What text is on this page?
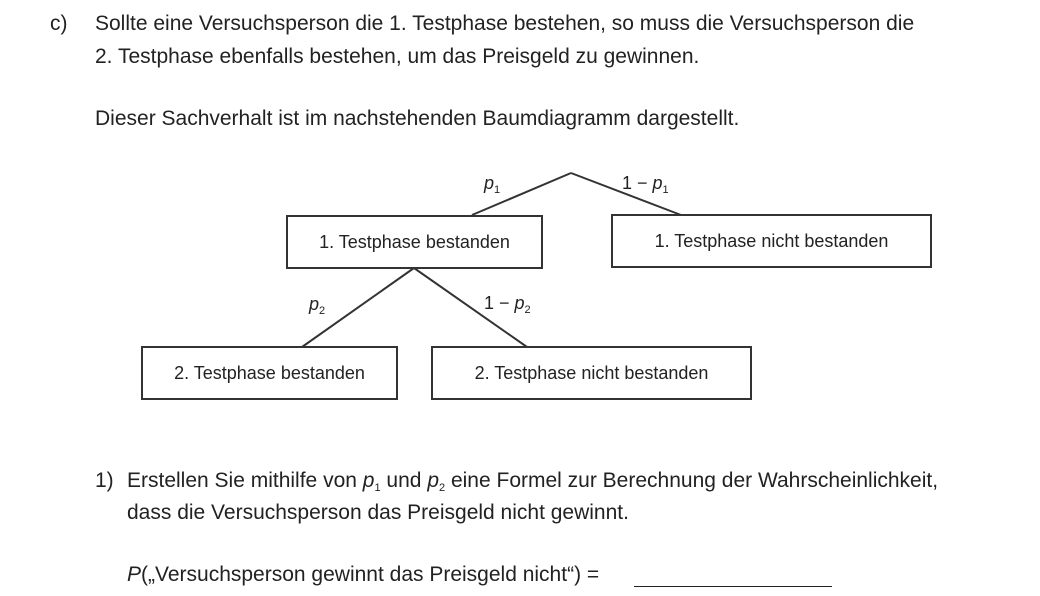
c) Sollte eine Versuchsperson die 1. Testphase bestehen, so muss die Versuchsperson die
2. Testphase ebenfalls bestehen, um das Preisgeld zu gewinnen.
Dieser Sachverhalt ist im nachstehenden Baumdiagramm dargestellt.
$p_1$	$1 - p_1$
$p_2$	$1 - p_2$
1. Testphase bestanden	1. Testphase nicht bestanden
2. Testphase bestanden	2. Testphase nicht bestanden
1) Erstellen Sie mithilfe von $p_1$ und $p_2$ eine Formel zur Berechnung der Wahrscheinlichkeit,
dass die Versuchsperson das Preisgeld nicht gewinnt.
P(„Versuchsperson gewinnt das Preisgeld nicht“) =
